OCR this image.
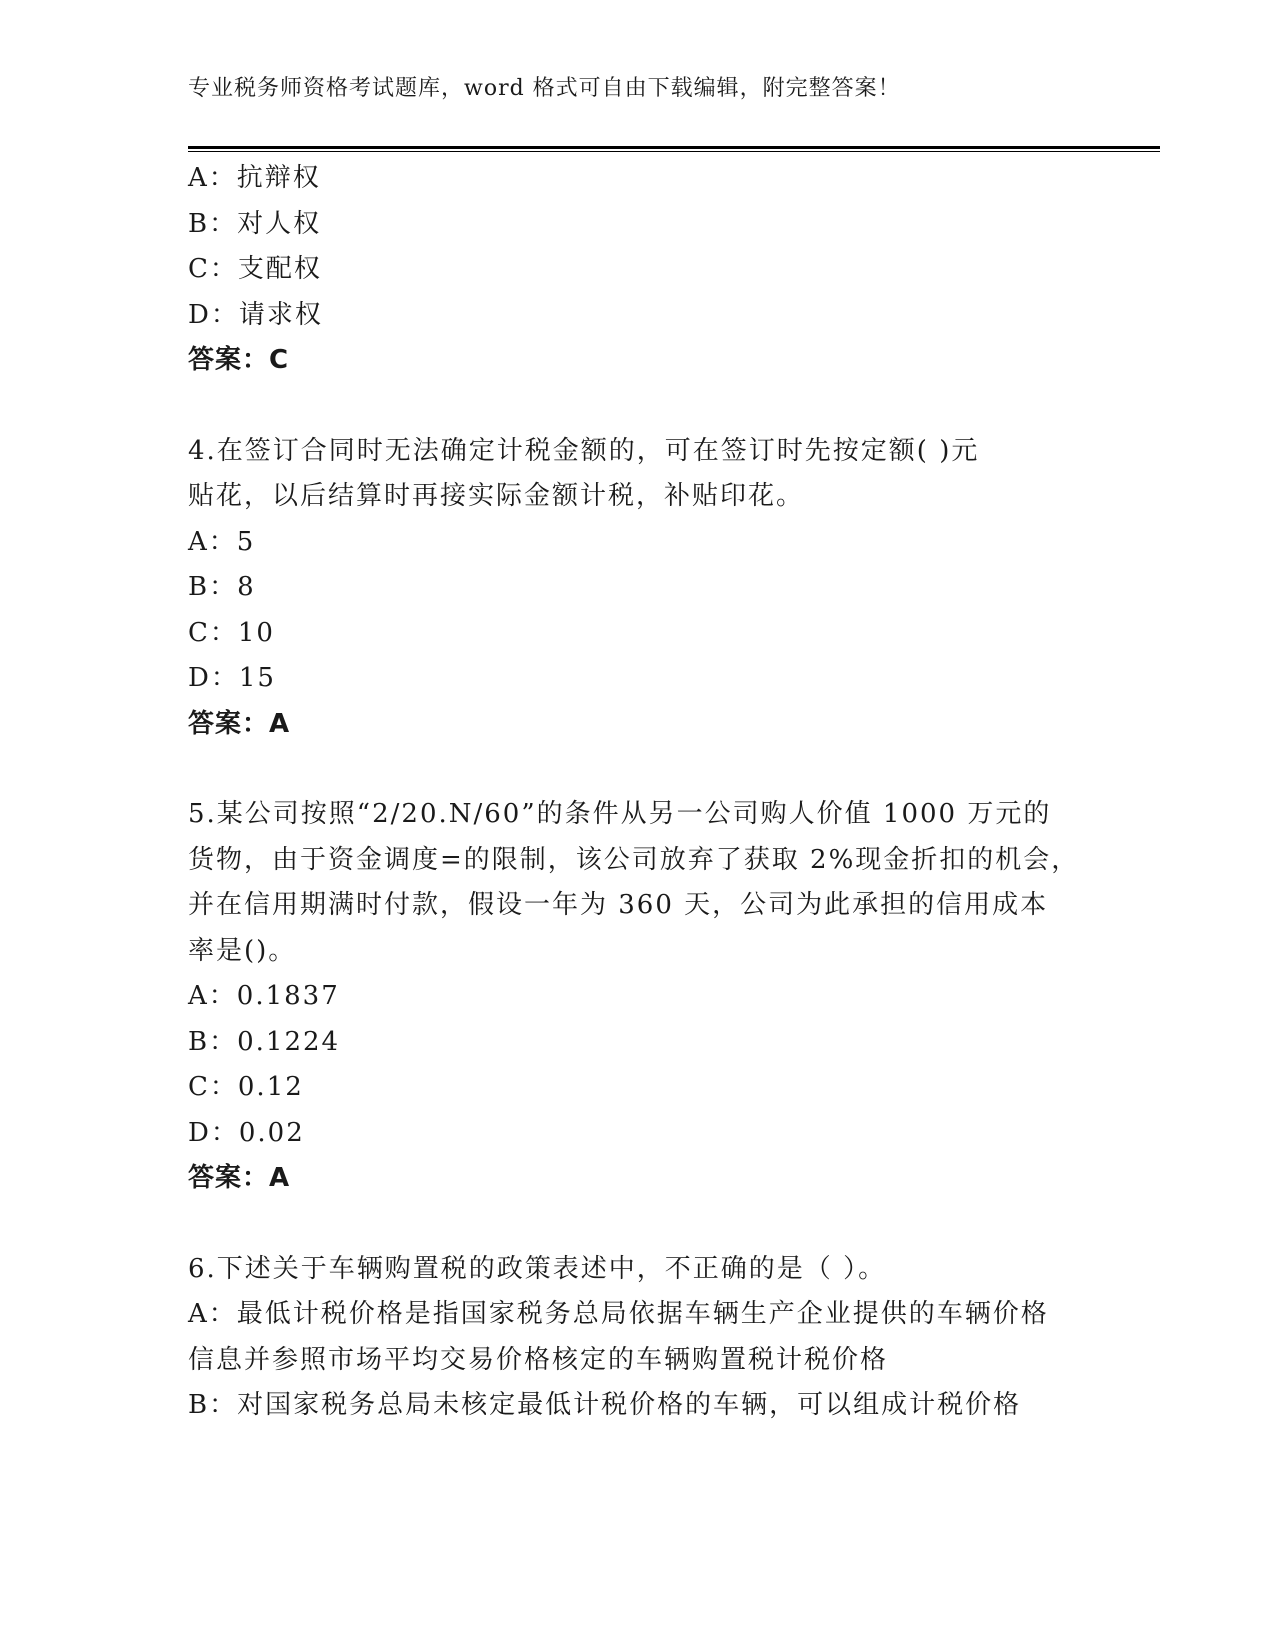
专业税务师资格考试题库，word 格式可自由下载编辑，附完整答案！
A：抗辩权
B：对人权
C：支配权
D：请求权
答案：C
4.在签订合同时无法确定计税金额的，可在签订时先按定额( )元
贴花，以后结算时再接实际金额计税，补贴印花。
A：5
B：8
C：10
D：15
答案：A
5.某公司按照“2/20.N/60”的条件从另一公司购人价值 1000 万元的
货物，由于资金调度=的限制，该公司放弃了获取 2%现金折扣的机会，
并在信用期满时付款，假设一年为 360 天，公司为此承担的信用成本
率是()。
A：0.1837
B：0.1224
C：0.12
D：0.02
答案：A
6.下述关于车辆购置税的政策表述中，不正确的是（ ）。
A：最低计税价格是指国家税务总局依据车辆生产企业提供的车辆价格
信息并参照市场平均交易价格核定的车辆购置税计税价格
B：对国家税务总局未核定最低计税价格的车辆，可以组成计税价格
